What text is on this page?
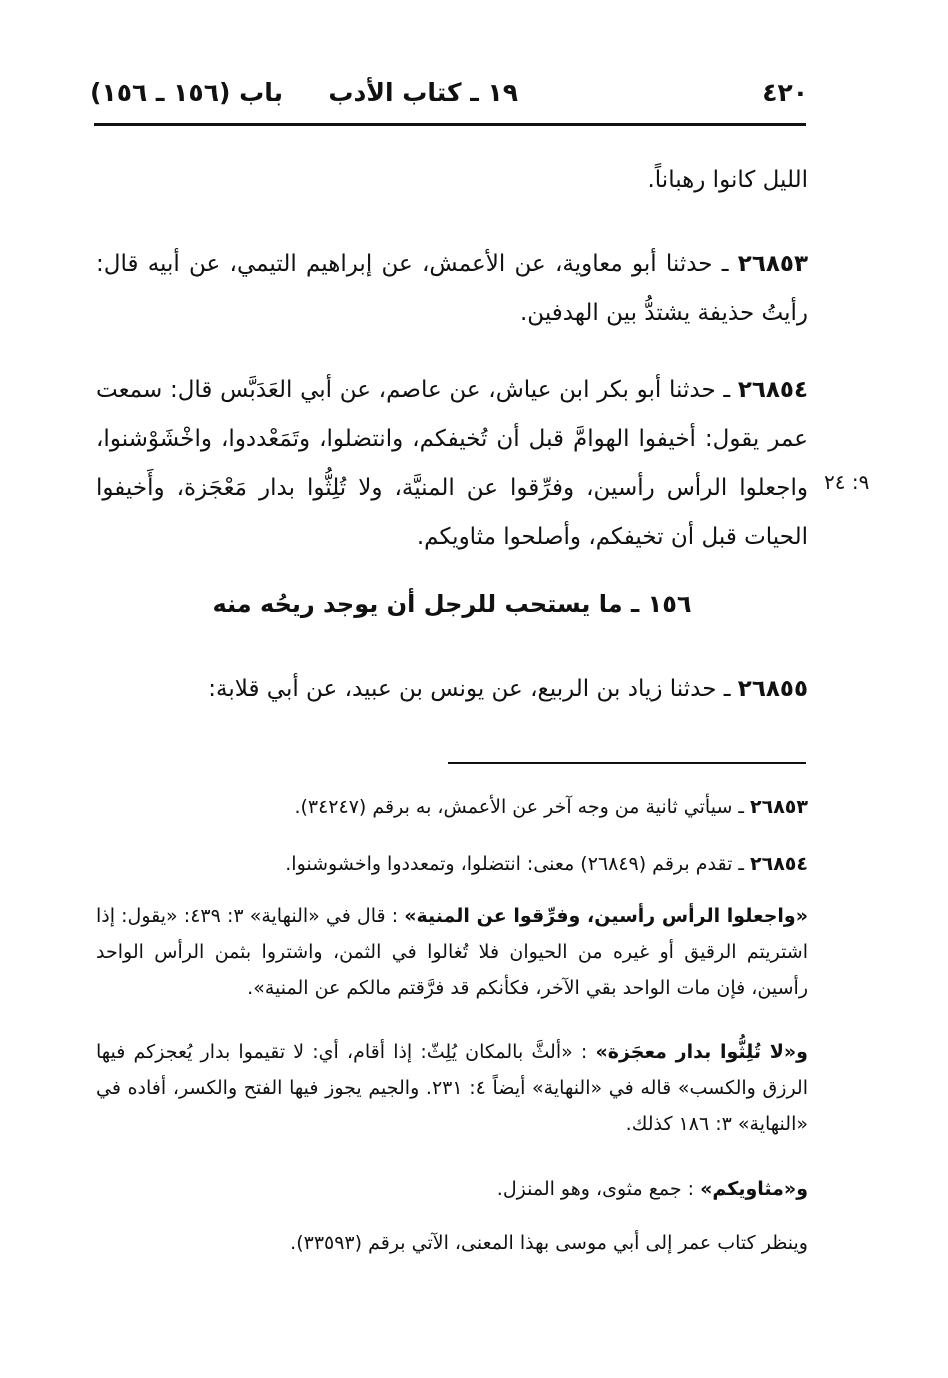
٤٢٠
١٩ ـ كتاب الأدب
باب (١٥٦ ـ ١٥٦)
الليل كانوا رهباناً.
٢٦٨٥٣ ـ حدثنا أبو معاوية، عن الأعمش، عن إبراهيم التيمي، عن أبيه قال: رأيتُ حذيفة يشتدُّ بين الهدفين.
٢٦٨٥٤ ـ حدثنا أبو بكر ابن عياش، عن عاصم، عن أبي العَدَبَّس قال: سمعت عمر يقول: أخيفوا الهوامَّ قبل أن تُخيفكم، وانتضلوا، وتَمَعْددوا، واخْشَوْشنوا، واجعلوا الرأس رأسين، وفرِّقوا عن المنيَّة، ولا تُلِثُّوا بدار مَعْجَزة، وأَخيفوا الحيات قبل أن تخيفكم، وأصلحوا مثاويكم.
٩: ٢٤
١٥٦ ـ ما يستحب للرجل أن يوجد ريحُه منه
٢٦٨٥٥ ـ حدثنا زياد بن الربيع، عن يونس بن عبيد، عن أبي قلابة:
٢٦٨٥٣ ـ سيأتي ثانية من وجه آخر عن الأعمش، به برقم (٣٤٢٤٧).
٢٦٨٥٤ ـ تقدم برقم (٢٦٨٤٩) معنى: انتضلوا، وتمعددوا واخشوشنوا.
«واجعلوا الرأس رأسين، وفرِّقوا عن المنية» : قال في «النهاية» ٣: ٤٣٩: «يقول: إذا اشتريتم الرقيق أو غيره من الحيوان فلا تُغالوا في الثمن، واشتروا بثمن الرأس الواحد رأسين، فإن مات الواحد بقي الآخر، فكأنكم قد فرَّقتم مالكم عن المنية».
و«لا تُلِثُّوا بدار معجَزة» : «ألثَّ بالمكان يُلِثّ: إذا أقام، أي: لا تقيموا بدار يُعجزكم فيها الرزق والكسب» قاله في «النهاية» أيضاً ٤: ٢٣١. والجيم يجوز فيها الفتح والكسر، أفاده في «النهاية» ٣: ١٨٦ كذلك.
و«مثاويكم» : جمع مثوى، وهو المنزل.
وينظر كتاب عمر إلى أبي موسى بهذا المعنى، الآتي برقم (٣٣٥٩٣).
